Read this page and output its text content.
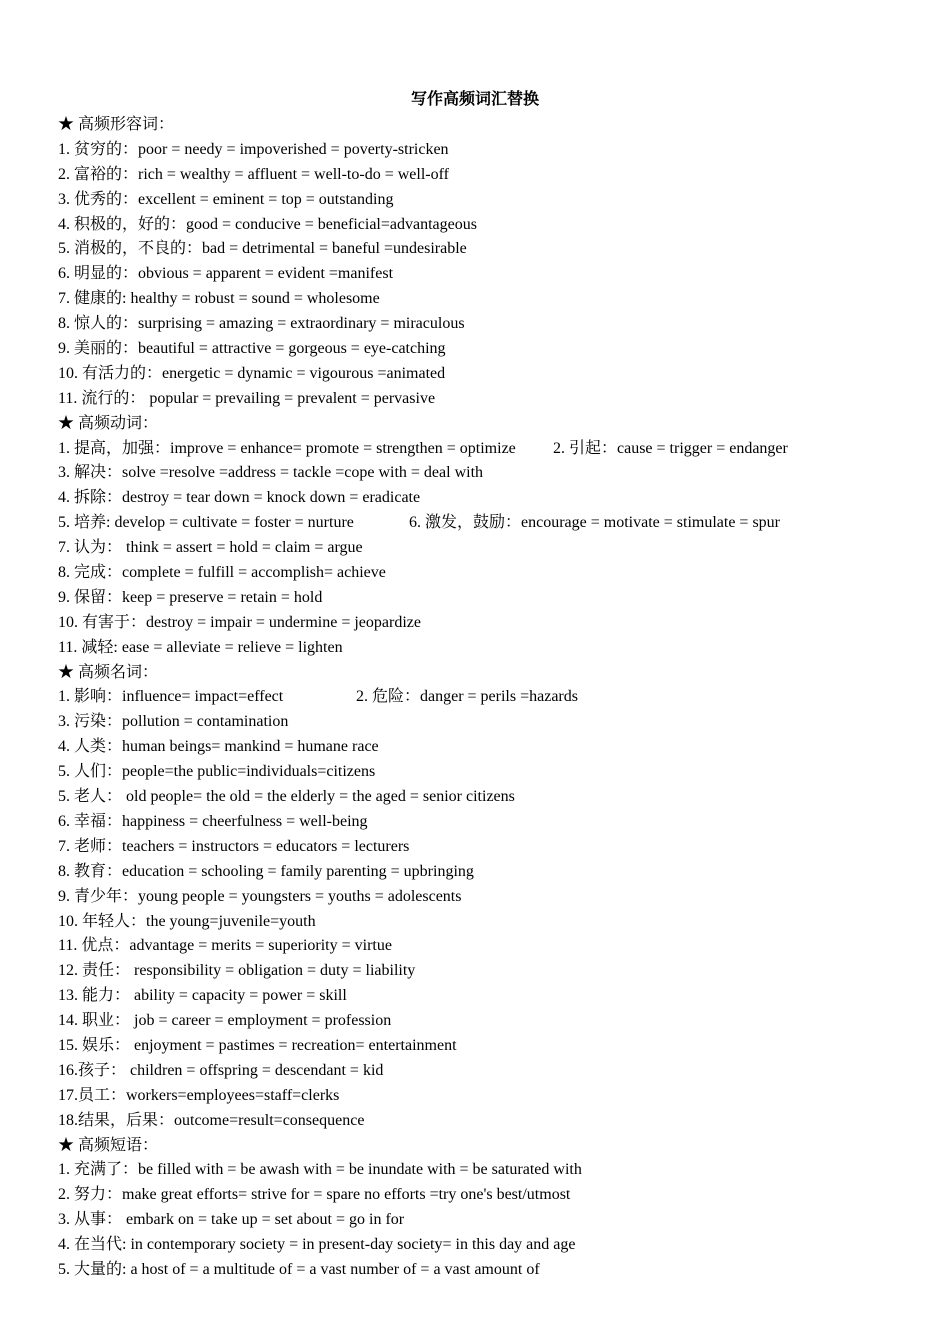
写作高频词汇替换
★ 高频形容词：
1. 贫穷的：poor = needy = impoverished = poverty-stricken
2. 富裕的：rich = wealthy = affluent = well-to-do = well-off
3. 优秀的：excellent = eminent = top = outstanding
4. 积极的，好的：good = conducive = beneficial=advantageous
5. 消极的，不良的：bad = detrimental = baneful =undesirable
6. 明显的：obvious = apparent = evident =manifest
7. 健康的: healthy = robust = sound = wholesome
8. 惊人的：surprising = amazing = extraordinary = miraculous
9. 美丽的：beautiful = attractive = gorgeous = eye-catching
10. 有活力的：energetic = dynamic = vigourous =animated
11. 流行的： popular = prevailing = prevalent = pervasive
★ 高频动词：
1. 提高，加强：improve = enhance= promote = strengthen = optimize 2. 引起：cause = trigger = endanger
3. 解决：solve =resolve =address = tackle =cope with = deal with
4. 拆除：destroy = tear down = knock down = eradicate
5. 培养: develop = cultivate = foster = nurture	6. 激发，鼓励：encourage = motivate = stimulate = spur
7. 认为： think = assert = hold = claim = argue
8. 完成：complete = fulfill = accomplish= achieve
9. 保留：keep = preserve = retain = hold
10. 有害于：destroy = impair = undermine = jeopardize
11. 减轻: ease = alleviate = relieve = lighten
★ 高频名词：
1. 影响：influence= impact=effect	2. 危险：danger = perils =hazards
3. 污染：pollution = contamination
4. 人类：human beings= mankind = humane race
5. 人们：people=the public=individuals=citizens
5. 老人： old people= the old = the elderly = the aged = senior citizens
6. 幸福：happiness = cheerfulness = well-being
7. 老师：teachers = instructors = educators = lecturers
8. 教育：education = schooling = family parenting = upbringing
9. 青少年：young people = youngsters = youths = adolescents
10. 年轻人：the young=juvenile=youth
11. 优点：advantage = merits = superiority = virtue
12. 责任： responsibility = obligation = duty = liability
13. 能力： ability = capacity = power = skill
14. 职业： job = career = employment = profession
15. 娱乐： enjoyment = pastimes = recreation= entertainment
16.孩子： children = offspring = descendant = kid
17.员工：workers=employees=staff=clerks
18.结果，后果：outcome=result=consequence
★ 高频短语：
1. 充满了：be filled with = be awash with = be inundate with = be saturated with
2. 努力：make great efforts= strive for = spare no efforts =try one's best/utmost
3. 从事： embark on = take up = set about = go in for
4. 在当代: in contemporary society = in present-day society= in this day and age
5. 大量的: a host of = a multitude of = a vast number of = a vast amount of
